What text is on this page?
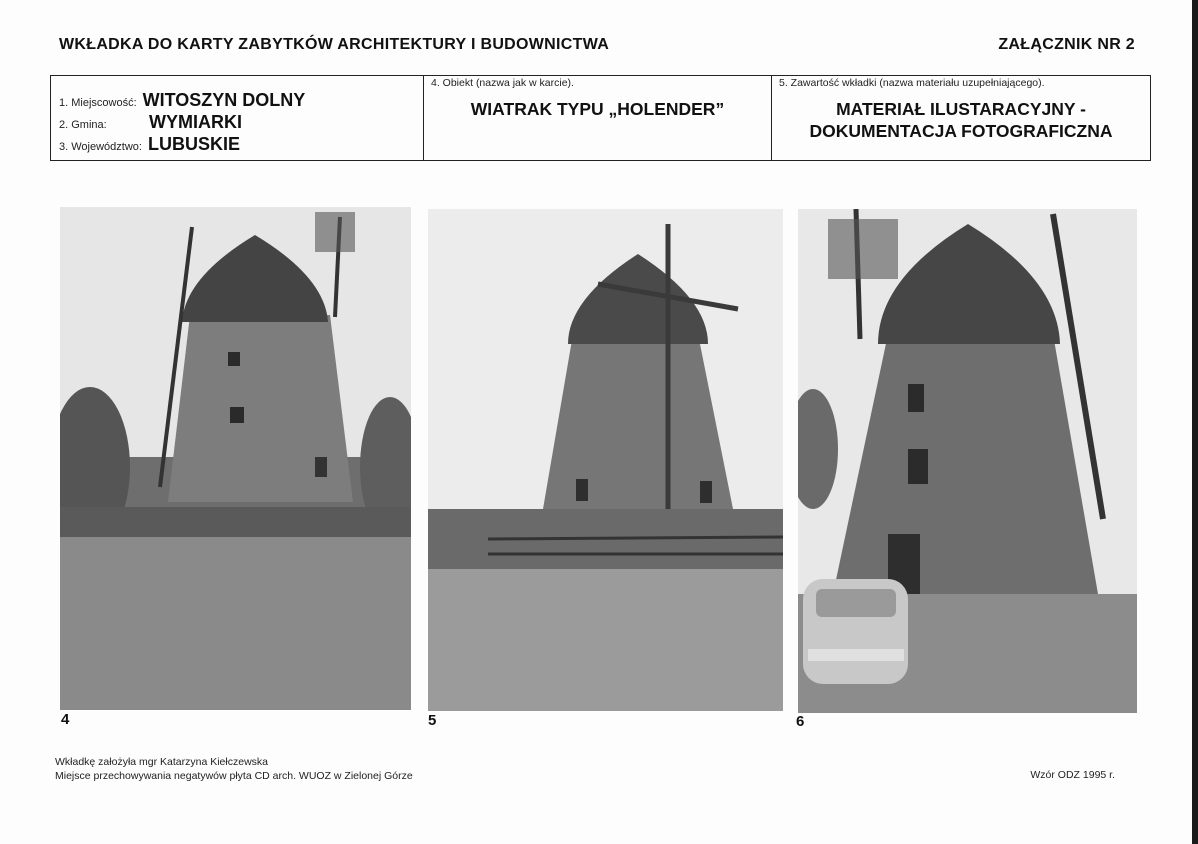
WKŁADKA DO KARTY ZABYTKÓW ARCHITEKTURY I BUDOWNICTWA	ZAŁĄCZNIK NR 2
1. Miejscowość: WITOSZYN DOLNY
2. Gmina:	WYMIARKI
3. Województwo: LUBUSKIE
4. Obiekt (nazwa jak w karcie).
WIATRAK TYPU „HOLENDER”
5. Zawartość wkładki (nazwa materiału uzupełniającego).
MATERIAŁ ILUSTARACYJNY -
DOKUMENTACJA FOTOGRAFICZNA
4	5	6
Wkładkę założyła mgr Katarzyna Kiełczewska
Miejsce przechowywania negatywów płyta CD arch. WUOZ w Zielonej Górze	Wzór ODZ 1995 r.
